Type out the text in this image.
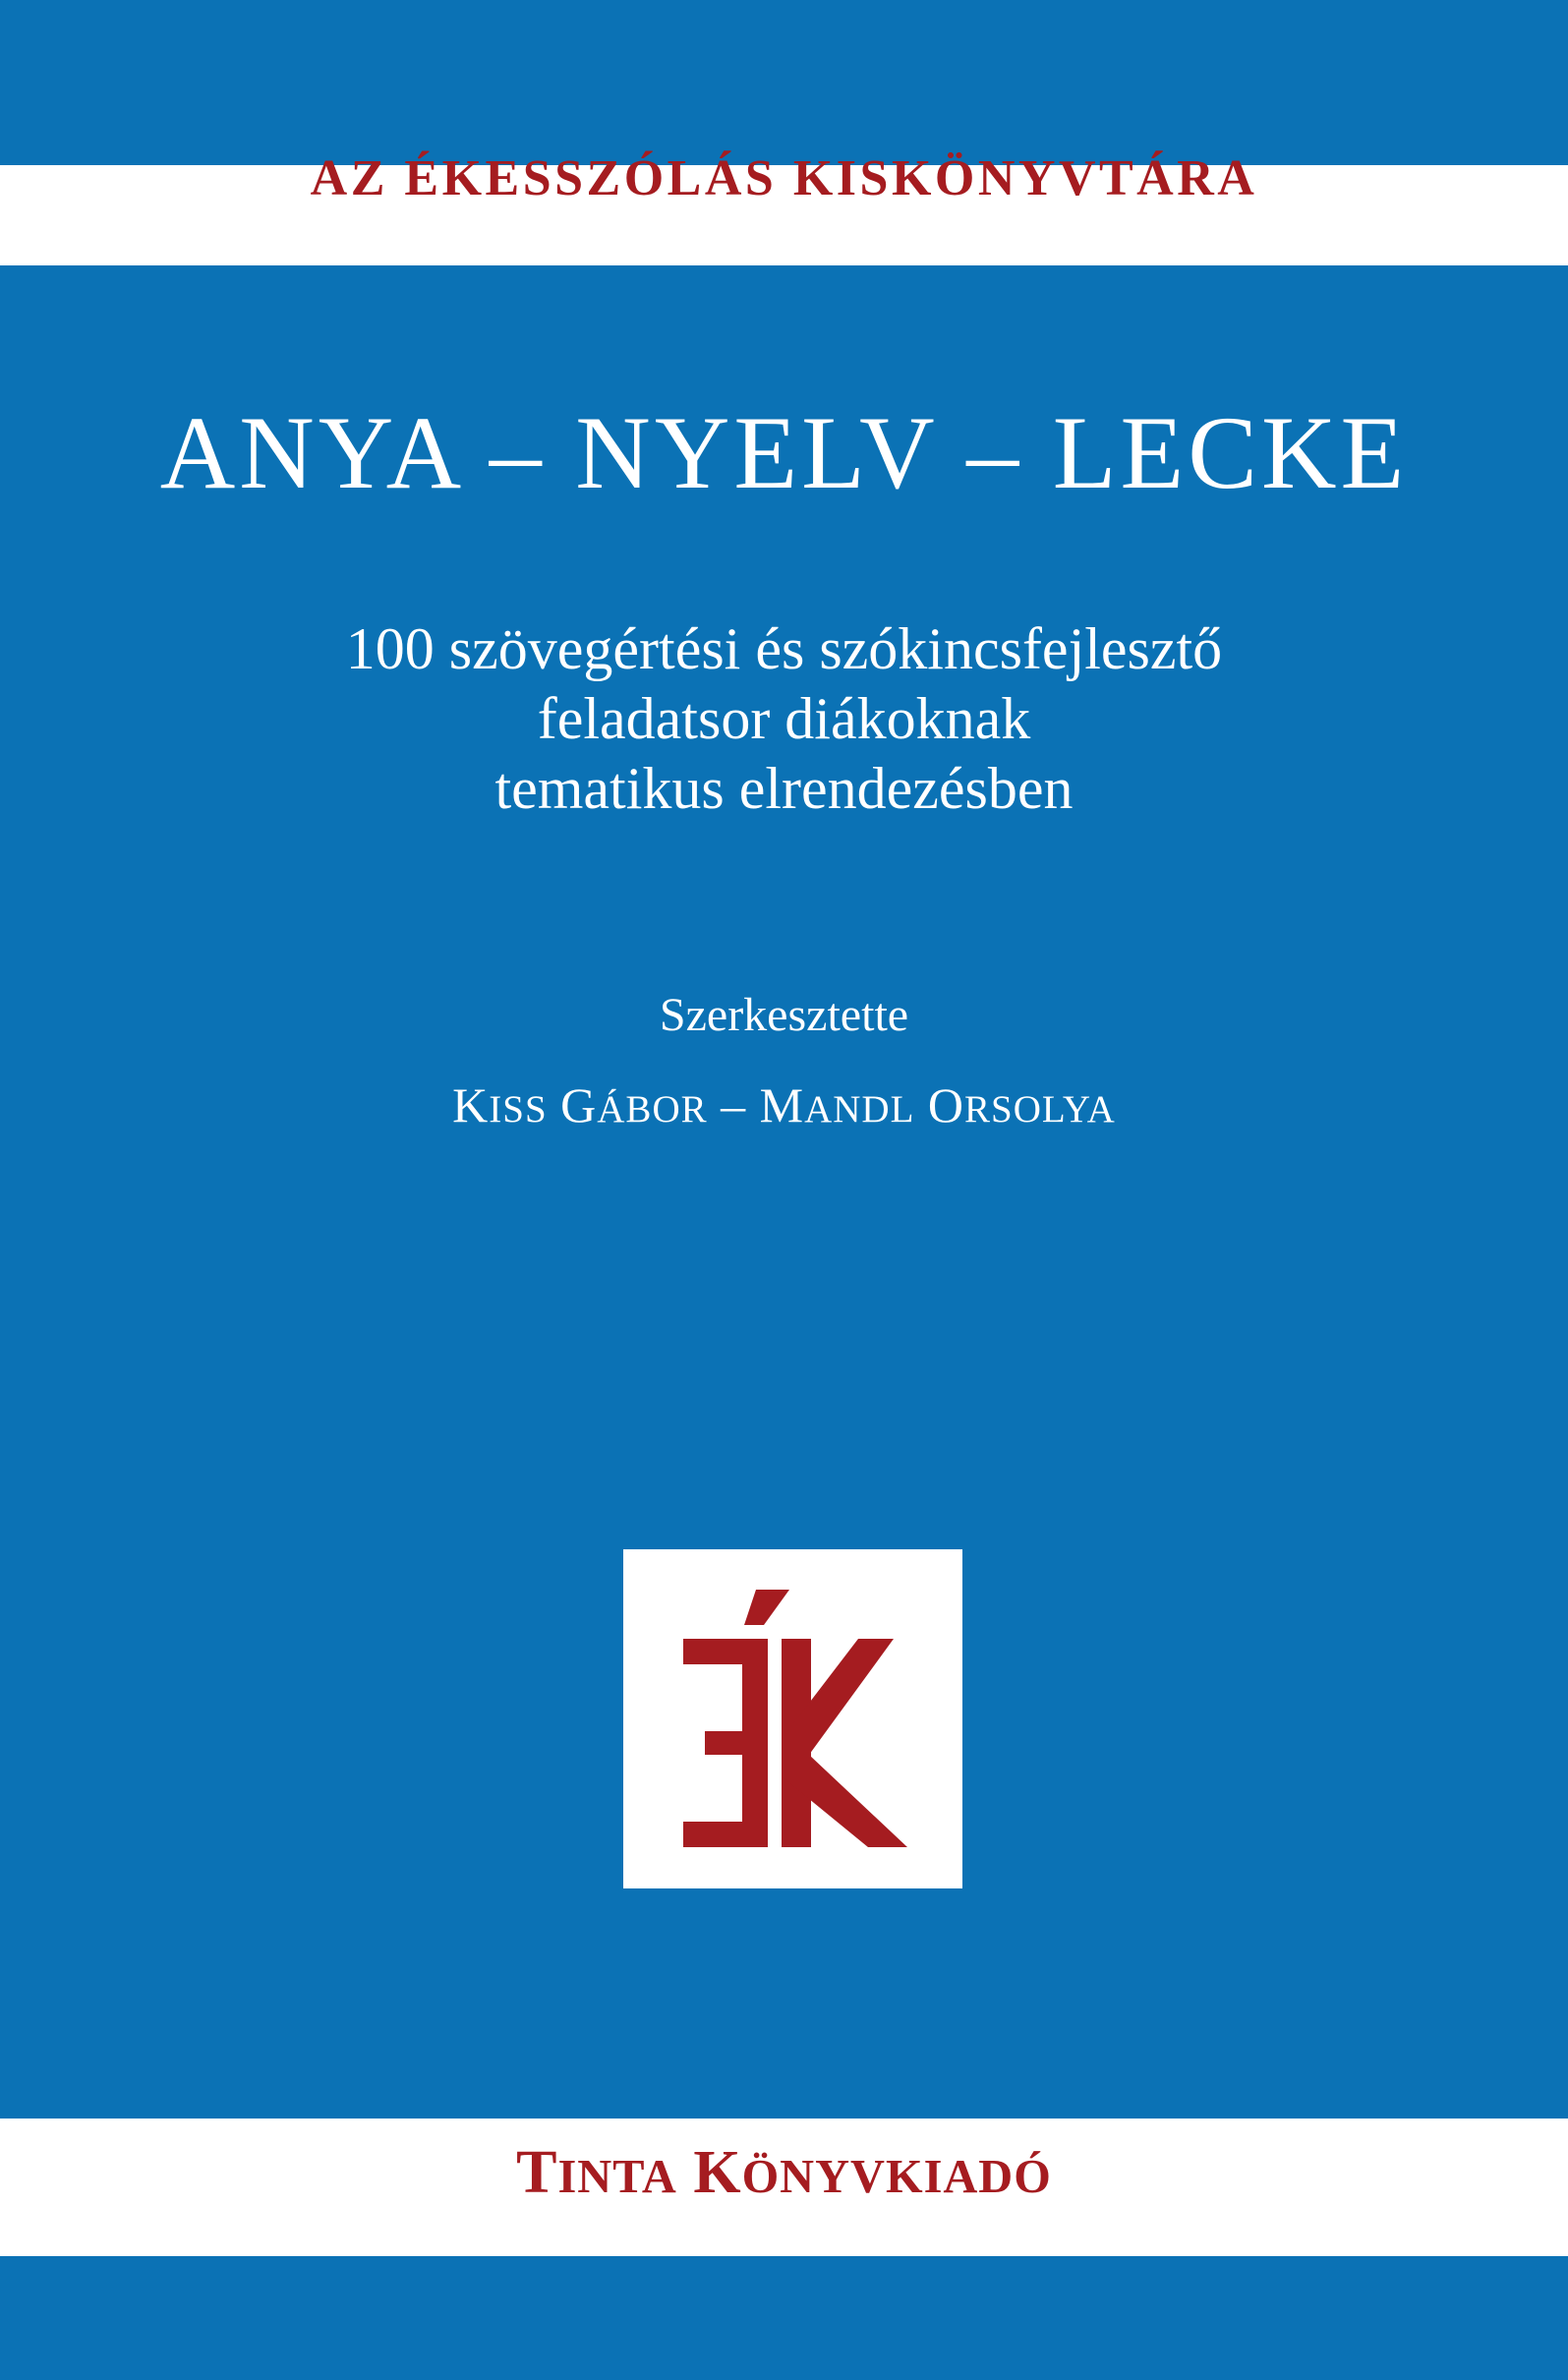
AZ ÉKESSZÓLÁS KISKÖNYVTÁRA
ANYA – NYELV – LECKE
100 szövegértési és szókincsfejlesztő
feladatsor diákoknak
tematikus elrendezésben
Szerkesztette
KISS GÁBOR – MANDL ORSOLYA
TINTA KÖNYVKIADÓ
